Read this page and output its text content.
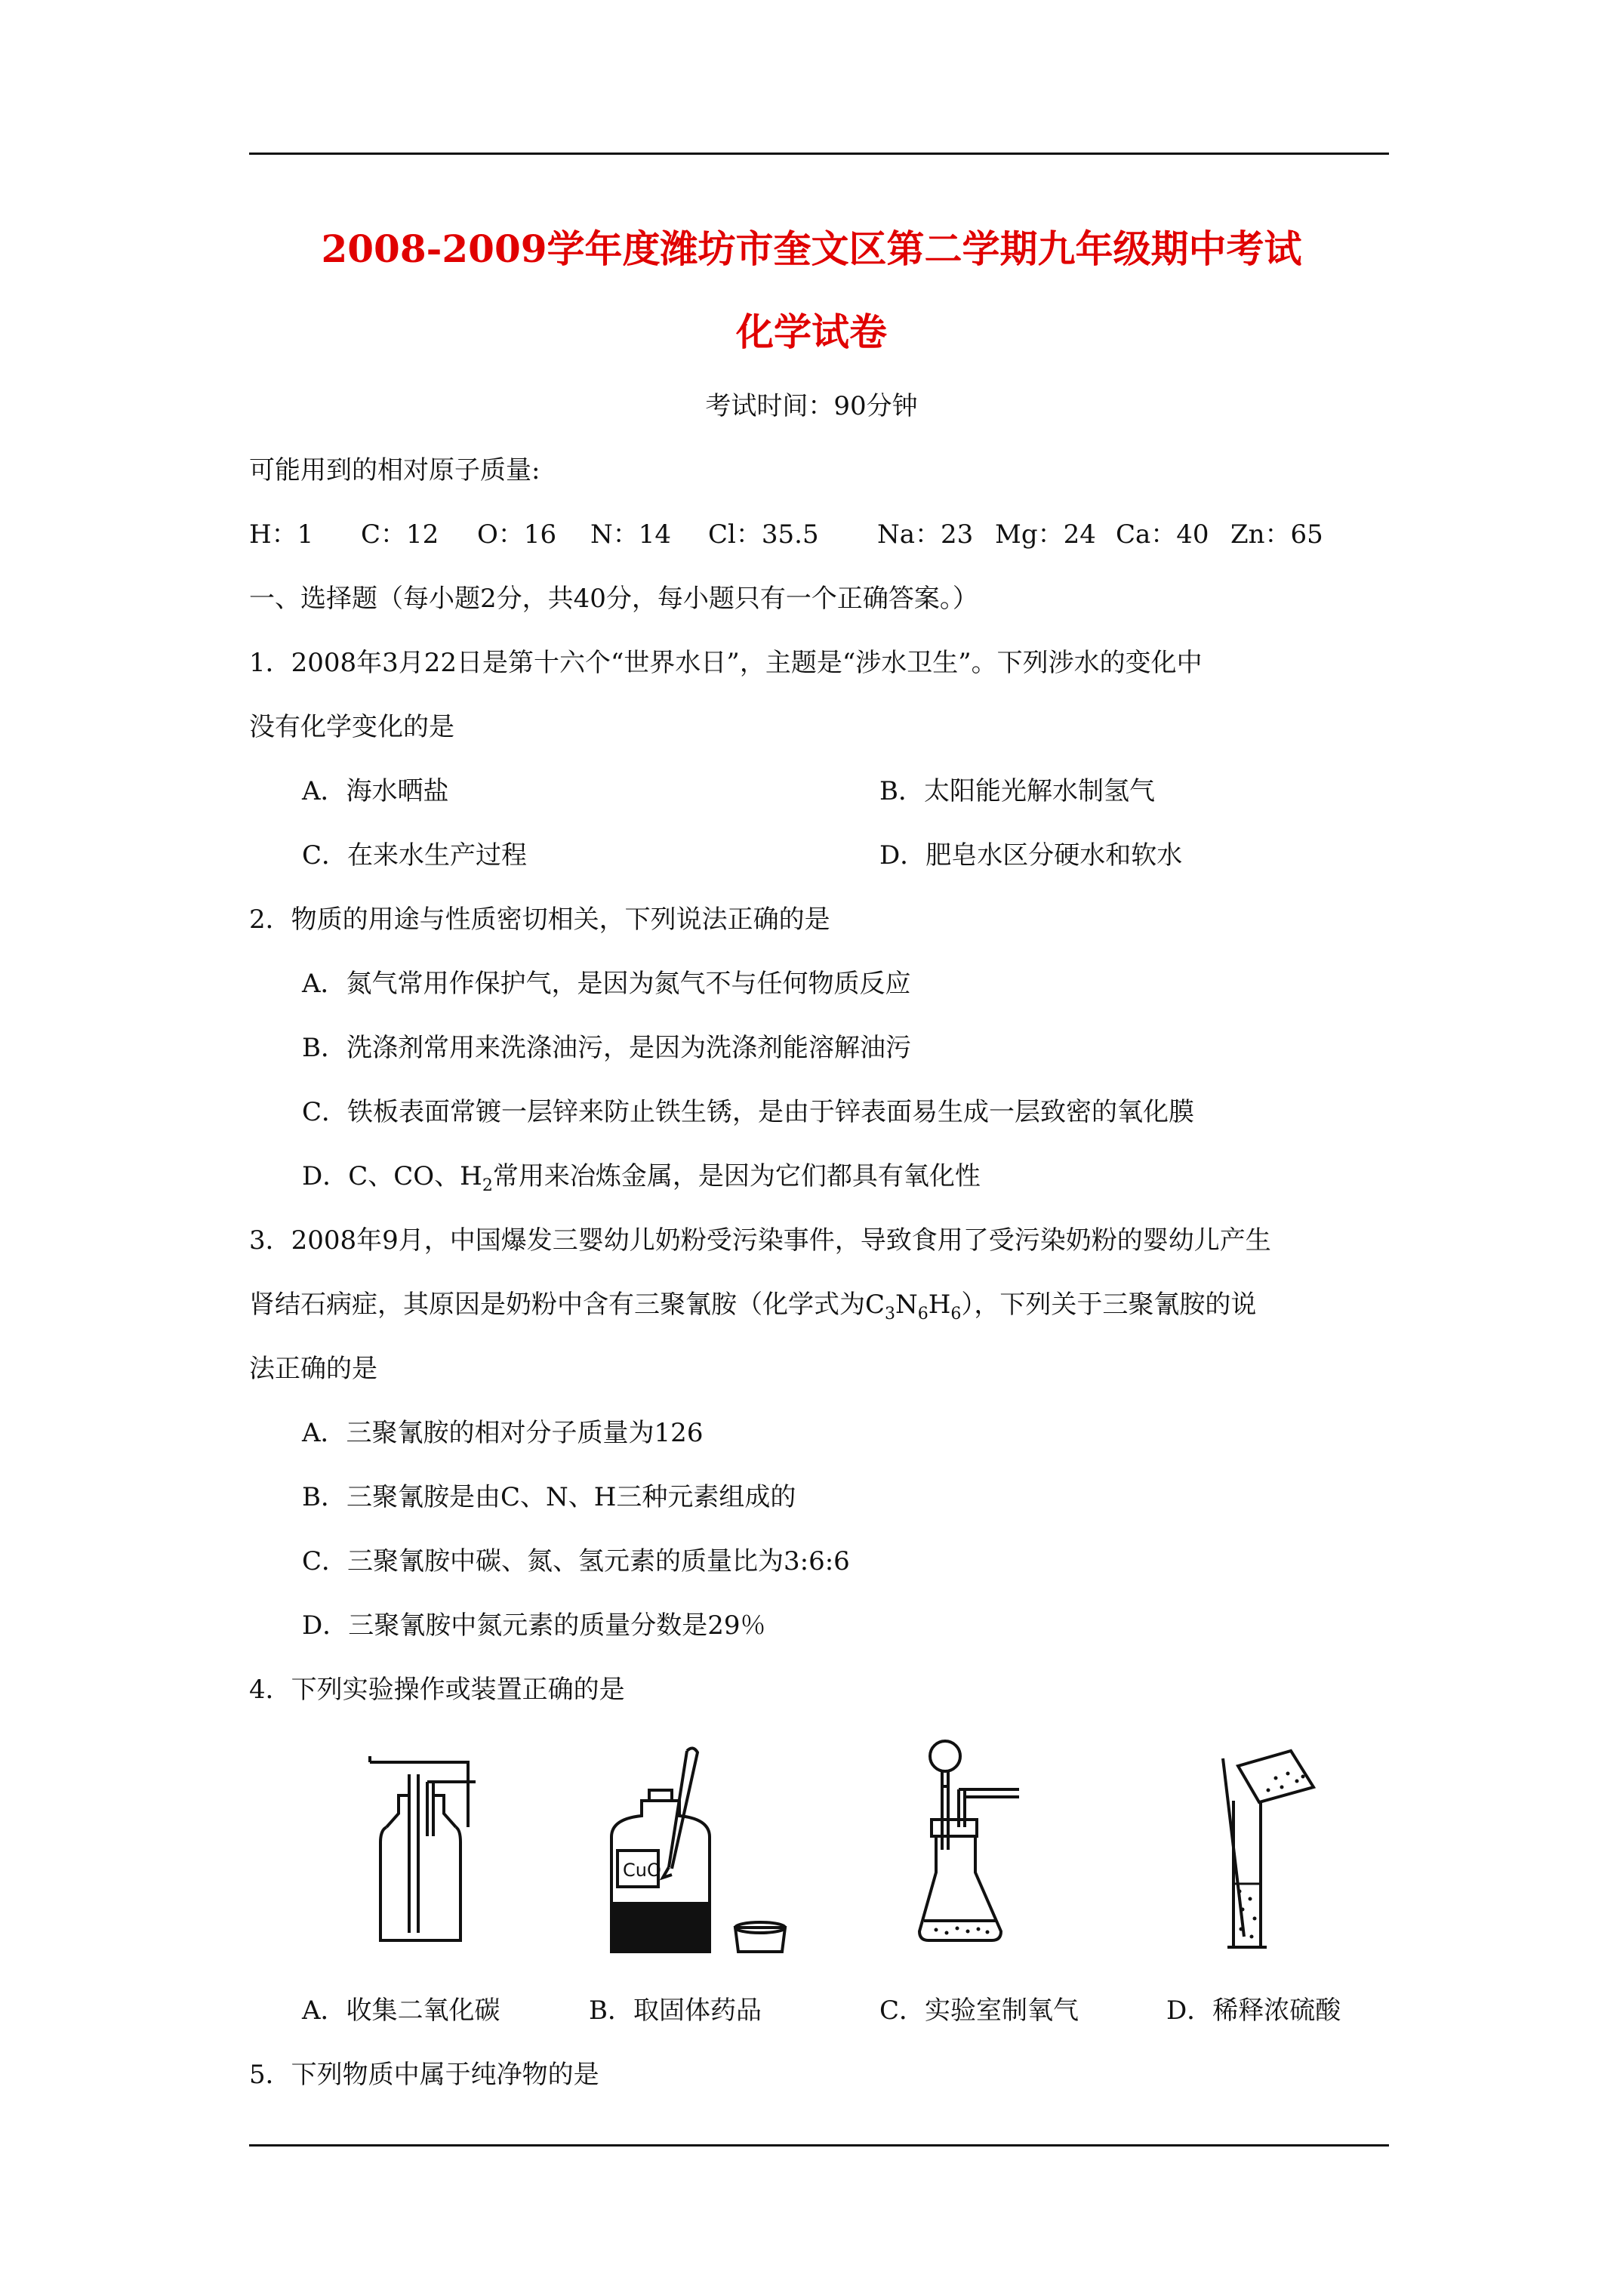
2008-2009学年度潍坊市奎文区第二学期九年级期中考试
化学试卷
考试时间：90分钟
可能用到的相对原子质量:
H：1 C：12 O：16 N：14 Cl：35.5 Na：23 Mg：24 Ca：40 Zn：65
一、选择题（每小题2分，共40分，每小题只有一个正确答案。）
1．2008年3月22日是第十六个“世界水日”，主题是“涉水卫生”。下列涉水的变化中
没有化学变化的是
A．海水晒盐	B．太阳能光解水制氢气
C．在来水生产过程	D．肥皂水区分硬水和软水
2．物质的用途与性质密切相关，下列说法正确的是
A．氮气常用作保护气，是因为氮气不与任何物质反应
B．洗涤剂常用来洗涤油污，是因为洗涤剂能溶解油污
C．铁板表面常镀一层锌来防止铁生锈，是由于锌表面易生成一层致密的氧化膜
D．C、CO、$H_2$常用来冶炼金属，是因为它们都具有氧化性
3．2008年9月，中国爆发三婴幼儿奶粉受污染事件，导致食用了受污染奶粉的婴幼儿产生
肾结石病症，其原因是奶粉中含有三聚氰胺（化学式为$C_3N_6H_6$），下列关于三聚氰胺的说
法正确的是
A．三聚氰胺的相对分子质量为126
B．三聚氰胺是由C、N、H三种元素组成的
C．三聚氰胺中碳、氮、氢元素的质量比为3:6:6
D．三聚氰胺中氮元素的质量分数是29％
4．下列实验操作或装置正确的是
CuO
A．收集二氧化碳	B．取固体药品	C．实验室制氧气	D．稀释浓硫酸
5．下列物质中属于纯净物的是
